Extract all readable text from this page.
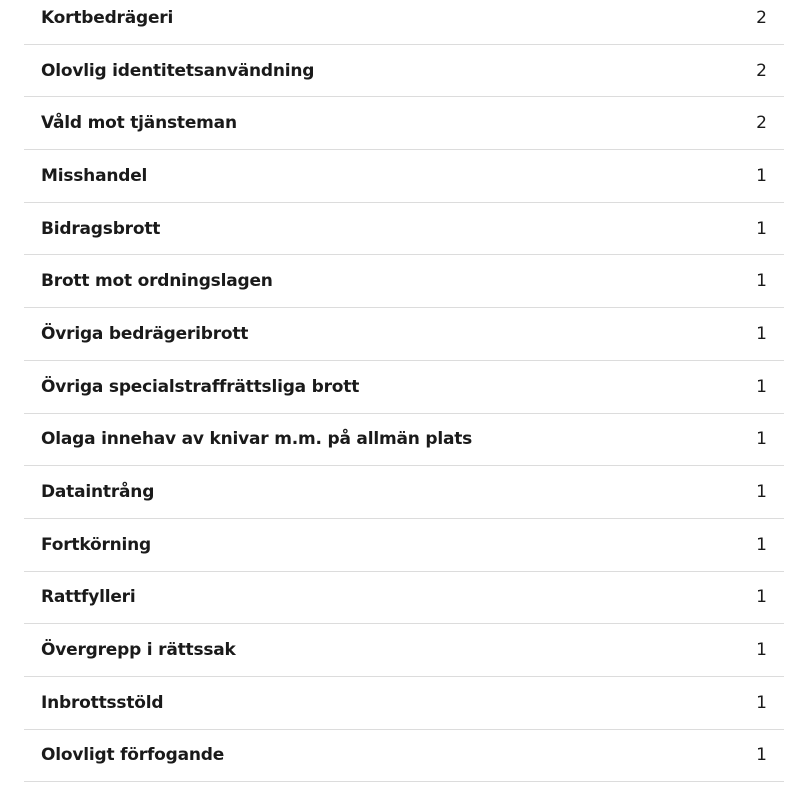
Kortbedrägeri	2
Olovlig identitetsanvändning	2
Våld mot tjänsteman	2
Misshandel	1
Bidragsbrott	1
Brott mot ordningslagen	1
Övriga bedrägeribrott	1
Övriga specialstraffrättsliga brott	1
Olaga innehav av knivar m.m. på allmän plats	1
Dataintrång	1
Fortkörning	1
Rattfylleri	1
Övergrepp i rättssak	1
Inbrottsstöld	1
Olovligt förfogande	1
